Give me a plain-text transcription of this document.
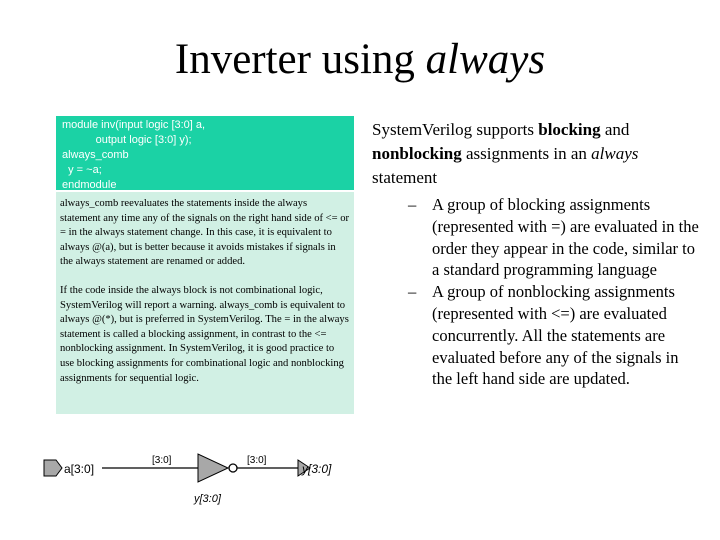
Inverter using always
module inv(input logic [3:0] a,
output logic [3:0] y);
always_comb
y = ~a;
endmodule

always_comb reevaluates the statements inside the always statement any time any of the signals on the right hand side of <= or = in the always statement change. In this case, it is equivalent to always @(a), but is better because it avoids mistakes if signals in the always statement are renamed or added.

If the code inside the always block is not combinational logic, SystemVerilog will report a warning. always_comb is equivalent to always @(*), but is preferred in SystemVerilog. The = in the always statement is called a blocking assignment, in contrast to the <= nonblocking assignment. In SystemVerilog, it is good practice to use blocking assignments for combinational logic and nonblocking assignments for sequential logic.

SystemVerilog supports blocking and nonblocking assignments in an always statement
– A group of blocking assignments (represented with =) are evaluated in the order they appear in the code, similar to a standard programming language
– A group of nonblocking assignments (represented with <=) are evaluated concurrently. All the statements are evaluated before any of the signals in the left hand side are updated.
a[3:0]
[3:0]	[3:0]
y[3:0]
y[3:0]
